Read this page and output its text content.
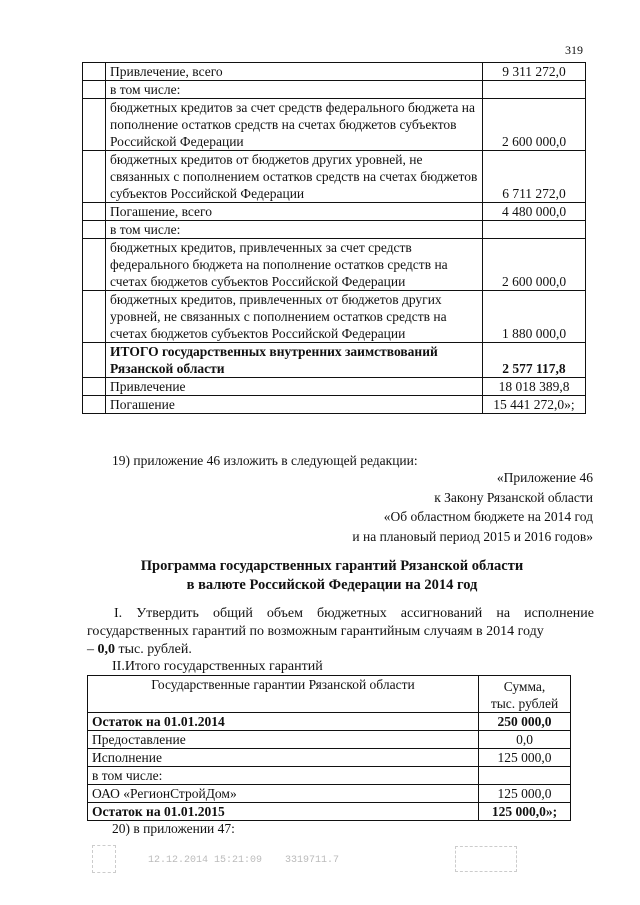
319
	Привлечение, всего	9 311 272,0
	в том числе:	
	бюджетных кредитов за счет средств федерального бюджета на пополнение остатков средств на счетах бюджетов субъектов Российской Федерации	2 600 000,0
	бюджетных кредитов от бюджетов других уровней, не связанных с пополнением остатков средств на счетах бюджетов субъектов Российской Федерации	6 711 272,0
	Погашение, всего	4 480 000,0
	в том числе:	
	бюджетных кредитов, привлеченных за счет средств федерального бюджета на пополнение остатков средств на счетах бюджетов субъектов Российской Федерации	2 600 000,0
	бюджетных кредитов, привлеченных от бюджетов других уровней, не связанных с пополнением остатков средств на счетах бюджетов субъектов Российской Федерации	1 880 000,0
	ИТОГО государственных внутренних заимствований Рязанской области	2 577 117,8
	Привлечение	18 018 389,8
	Погашение	15 441 272,0»;
19) приложение 46 изложить в следующей редакции:
«Приложение 46
к Закону Рязанской области
«Об областном бюджете на 2014 год
и на плановый период 2015 и 2016 годов»
Программа государственных гарантий Рязанской области
в валюте Российской Федерации на 2014 год
I. Утвердить общий объем бюджетных ассигнований на исполнение
государственных гарантий по возможным гарантийным случаям в 2014 году
– 0,0 тыс. рублей.
II.Итого государственных гарантий
Государственные гарантии Рязанской области	Сумма,
тыс. рублей

Остаток на 01.01.2014	250 000,0
Предоставление	0,0
Исполнение	125 000,0
в том числе:	
ОАО «РегионСтройДом»	125 000,0
Остаток на 01.01.2015	125 000,0»;
20) в приложении 47:
12.12.2014 15:21:09 3319711.7
